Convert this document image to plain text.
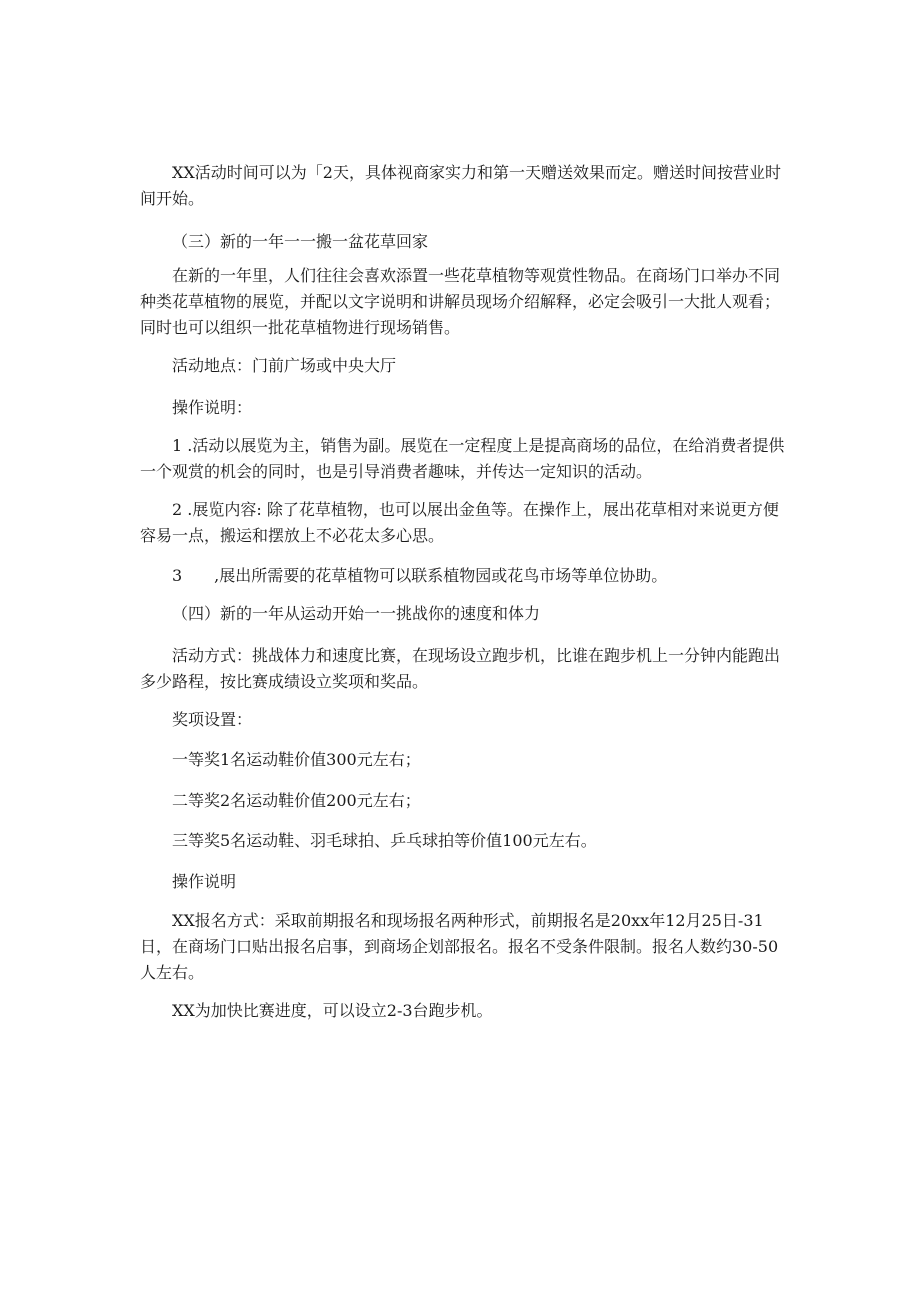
XX活动时间可以为「2天，具体视商家实力和第一天赠送效果而定。赠送时间按营业时间开始。

（三）新的一年一一搬一盆花草回家

在新的一年里，人们往往会喜欢添置一些花草植物等观赏性物品。在商场门口举办不同种类花草植物的展览，并配以文字说明和讲解员现场介绍解释，必定会吸引一大批人观看；同时也可以组织一批花草植物进行现场销售。

活动地点：门前广场或中央大厅

操作说明：

1 .活动以展览为主，销售为副。展览在一定程度上是提高商场的品位，在给消费者提供一个观赏的机会的同时，也是引导消费者趣味，并传达一定知识的活动。

2 .展览内容: 除了花草植物，也可以展出金鱼等。在操作上，展出花草相对来说更方便容易一点，搬运和摆放上不必花太多心思。

3　　,展出所需要的花草植物可以联系植物园或花鸟市场等单位协助。

（四）新的一年从运动开始一一挑战你的速度和体力

活动方式：挑战体力和速度比赛，在现场设立跑步机，比谁在跑步机上一分钟内能跑出多少路程，按比赛成绩设立奖项和奖品。

奖项设置：

一等奖1名运动鞋价值300元左右；

二等奖2名运动鞋价值200元左右；

三等奖5名运动鞋、羽毛球拍、乒乓球拍等价值100元左右。

操作说明

XX报名方式：采取前期报名和现场报名两种形式，前期报名是20xx年12月25日-31日，在商场门口贴出报名启事，到商场企划部报名。报名不受条件限制。报名人数约30-50人左右。

XX为加快比赛进度，可以设立2-3台跑步机。
